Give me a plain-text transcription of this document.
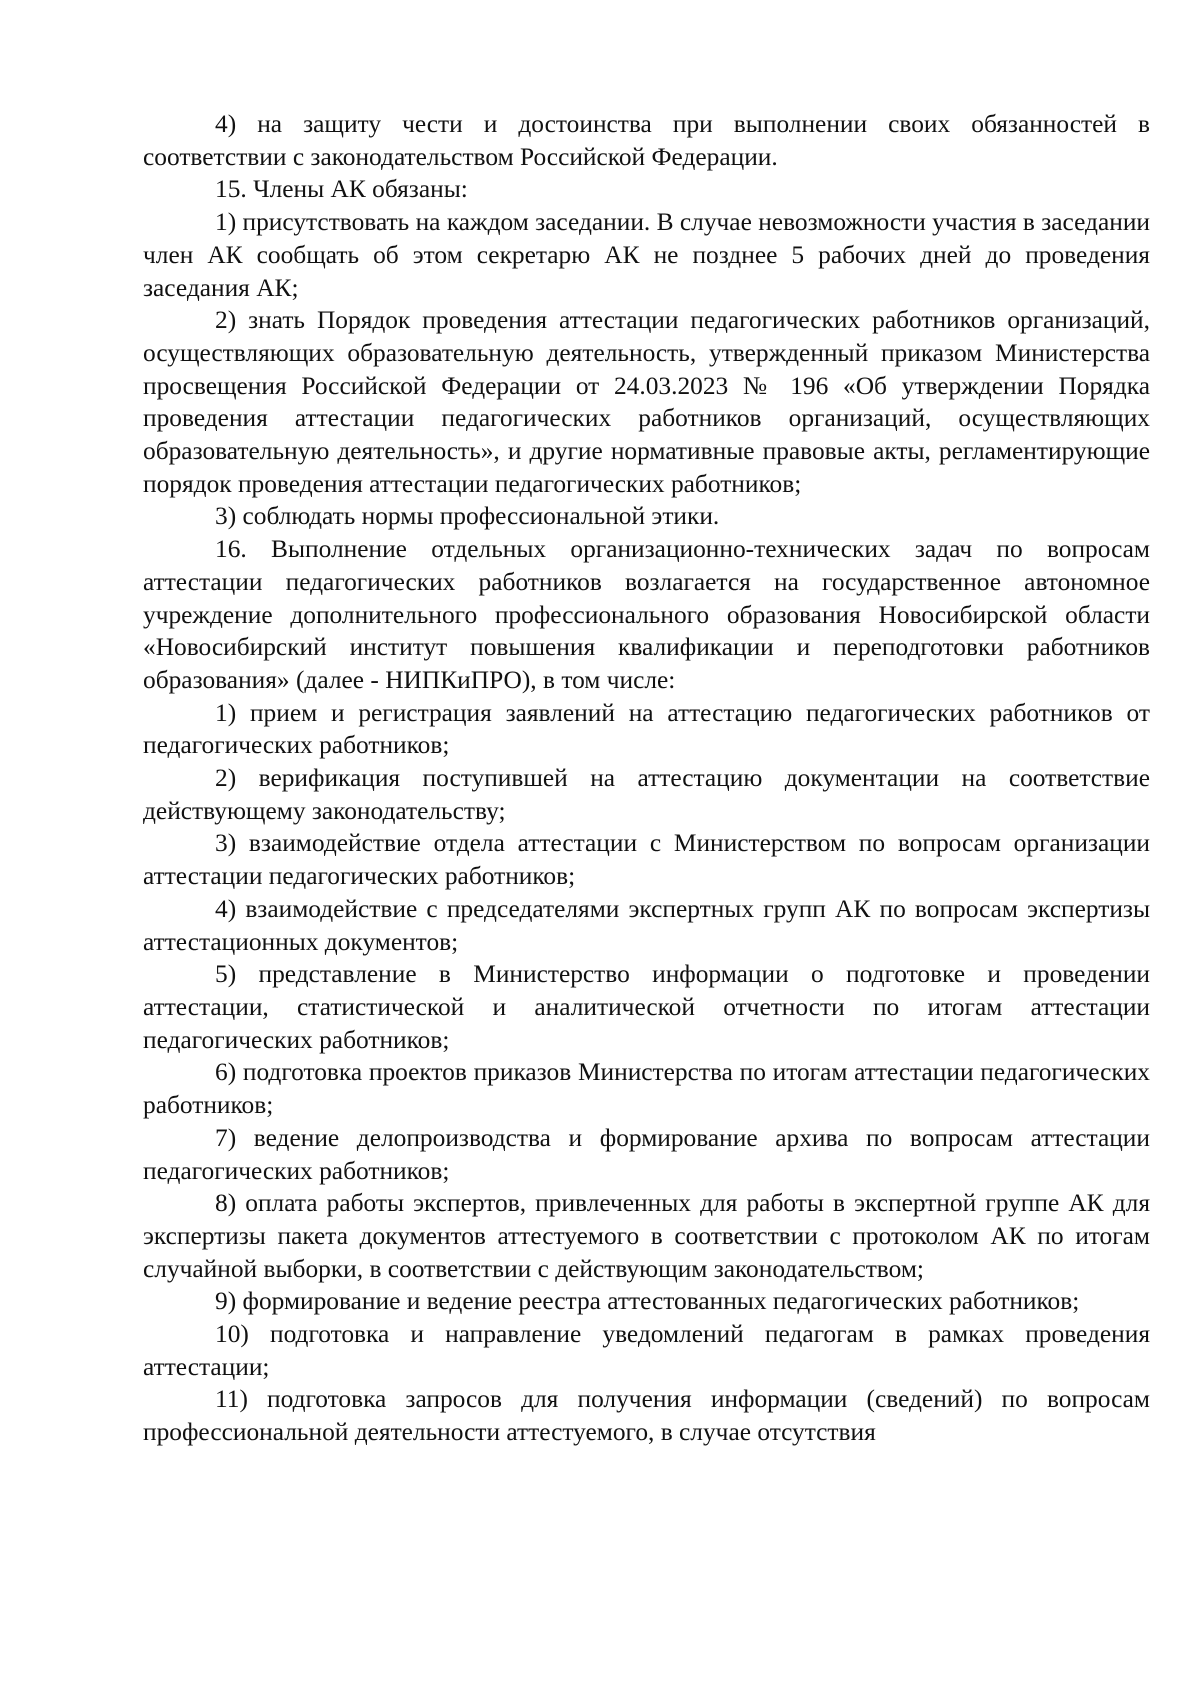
4) на защиту чести и достоинства при выполнении своих обязанностей в соответствии с законодательством Российской Федерации.

15. Члены АК обязаны:

1) присутствовать на каждом заседании. В случае невозможности участия в заседании член АК сообщать об этом секретарю АК не позднее 5 рабочих дней до проведения заседания АК;

2) знать Порядок проведения аттестации педагогических работников организаций, осуществляющих образовательную деятельность, утвержденный приказом Министерства просвещения Российской Федерации от 24.03.2023 № 196 «Об утверждении Порядка проведения аттестации педагогических работников организаций, осуществляющих образовательную деятельность», и другие нормативные правовые акты, регламентирующие порядок проведения аттестации педагогических работников;

3) соблюдать нормы профессиональной этики.

16. Выполнение отдельных организационно-технических задач по вопросам аттестации педагогических работников возлагается на государственное автономное учреждение дополнительного профессионального образования Новосибирской области «Новосибирский институт повышения квалификации и переподготовки работников образования» (далее - НИПКиПРО), в том числе:

1) прием и регистрация заявлений на аттестацию педагогических работников от педагогических работников;

2) верификация поступившей на аттестацию документации на соответствие действующему законодательству;

3) взаимодействие отдела аттестации с Министерством по вопросам организации аттестации педагогических работников;

4) взаимодействие с председателями экспертных групп АК по вопросам экспертизы аттестационных документов;

5) представление в Министерство информации о подготовке и проведении аттестации, статистической и аналитической отчетности по итогам аттестации педагогических работников;

6) подготовка проектов приказов Министерства по итогам аттестации педагогических работников;

7) ведение делопроизводства и формирование архива по вопросам аттестации педагогических работников;

8) оплата работы экспертов, привлеченных для работы в экспертной группе АК для экспертизы пакета документов аттестуемого в соответствии с протоколом АК по итогам случайной выборки, в соответствии с действующим законодательством;

9) формирование и ведение реестра аттестованных педагогических работников;

10) подготовка и направление уведомлений педагогам в рамках проведения аттестации;

11) подготовка запросов для получения информации (сведений) по вопросам профессиональной деятельности аттестуемого, в случае отсутствия
